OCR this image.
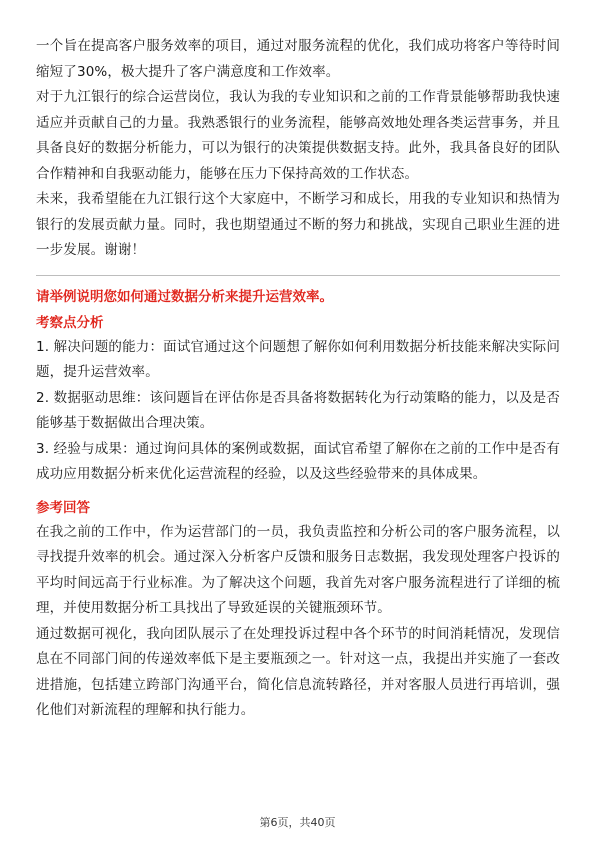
一个旨在提高客户服务效率的项目，通过对服务流程的优化，我们成功将客户等待时间缩短了30%，极大提升了客户满意度和工作效率。

对于九江银行的综合运营岗位，我认为我的专业知识和之前的工作背景能够帮助我快速适应并贡献自己的力量。我熟悉银行的业务流程，能够高效地处理各类运营事务，并且具备良好的数据分析能力，可以为银行的决策提供数据支持。此外，我具备良好的团队合作精神和自我驱动能力，能够在压力下保持高效的工作状态。

未来，我希望能在九江银行这个大家庭中，不断学习和成长，用我的专业知识和热情为银行的发展贡献力量。同时，我也期望通过不断的努力和挑战，实现自己职业生涯的进一步发展。谢谢！

请举例说明您如何通过数据分析来提升运营效率。
考察点分析

1. 解决问题的能力：面试官通过这个问题想了解你如何利用数据分析技能来解决实际问题，提升运营效率。

2. 数据驱动思维：该问题旨在评估你是否具备将数据转化为行动策略的能力，以及是否能够基于数据做出合理决策。

3. 经验与成果：通过询问具体的案例或数据，面试官希望了解你在之前的工作中是否有成功应用数据分析来优化运营流程的经验，以及这些经验带来的具体成果。

参考回答

在我之前的工作中，作为运营部门的一员，我负责监控和分析公司的客户服务流程，以寻找提升效率的机会。通过深入分析客户反馈和服务日志数据，我发现处理客户投诉的平均时间远高于行业标准。为了解决这个问题，我首先对客户服务流程进行了详细的梳理，并使用数据分析工具找出了导致延误的关键瓶颈环节。

通过数据可视化，我向团队展示了在处理投诉过程中各个环节的时间消耗情况，发现信息在不同部门间的传递效率低下是主要瓶颈之一。针对这一点，我提出并实施了一套改进措施，包括建立跨部门沟通平台，简化信息流转路径，并对客服人员进行再培训，强化他们对新流程的理解和执行能力。

第6页，共40页
